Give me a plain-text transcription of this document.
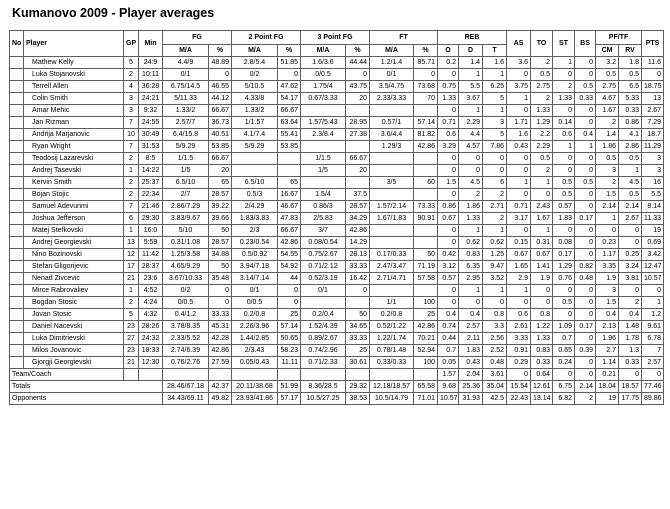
Kumanovo 2009 - Player averages
No	Player	GP	Min	FG		2 Point FG		3 Point FG		FT		REB			AS	TO	ST	BS	PF/TF		PTS
				M/A	%	M/A	%	M/A	%	M/A	%	O	D	T					CM	RV	
	Mathew Kelly	5	24:9	4.4/9	48.89	2.8/5.4	51.85	1.6/3.6	44.44	1.2/1.4	85.71	0.2	1.4	1.6	3.6	2	1	0	3.2	1.8	11.6
	Luka Stojanovski	2	10:11	0/1	0	0/2	0	0/0.5	0	0/1	0	0	1	1	0	0.5	0	0	0.5	0.5	0
	Terrell Allen	4	36:28	6.75/14.5	46.55	5/10.5	47.62	1.75/4	43.75	3.5/4.75	73.68	0.75	5.5	6.25	3.75	2.75	2	0.5	2.75	6.5	18.75
	Colin Smith	3	24:21	5/11.33	44.12	4.33/8	54.17	0.67/3.33	20	2.33/3.33	70	1.33	3.67	5	1	2	1.33	0.33	4.67	5.33	13
	Amar Mehic	3	9:32	1.33/2	66.67	1.33/2	66.67					0	1	1	0	1.33	0	0	1.67	0.33	2.67
	Jan Rizman	7	24:55	2.57/7	36.73	1/1.57	63.64	1.57/5.43	28.95	0.57/1	57.14	0.71	2.29	3	1.71	1.29	0.14	0	2	0.86	7.29
	Andrija Marjanovic	10	30:49	6.4/15.8	40.51	4.1/7.4	55.41	2.3/8.4	27.38	3.6/4.4	81.82	0.6	4.4	5	1.6	2.2	0.6	0.4	1.4	4.1	18.7
	Ryan Wright	7	31:53	5/9.29	53.85	5/9.29	53.85			1.29/3	42.86	3.29	4.57	7.86	0.43	2.29	1	1	1.86	2.86	11.29
	Teodosij Lazarevski	2	8:5	1/1.5	66.67			1/1.5	66.67			0	0	0	0	0.5	0	0	0.5	0.5	3
	Andrej Tasevski	1	14:22	1/5	20			1/5	20			0	0	0	0	2	0	0	3	1	3
	Kervin Smith	2	25:37	6.5/10	65	6.5/10	65			3/5	60	1.5	4.5	6	1	1	0.5	0.5	2	4.5	16
	Bojan Stojic	2	22:34	2/7	28.57	0.5/3	16.67	1.5/4	37.5			0	2	2	0	0	0.5	0	1.5	0.5	5.5
	Samuel Adevunmi	7	21:46	2.86/7.29	39.22	2/4.29	46.67	0.86/3	28.57	1.57/2.14	73.33	0.86	1.86	2.71	0.71	2.43	0.57	0	2.14	2.14	8.14
	Joshua Jefferson	6	29:30	3.83/9.67	39.66	1.83/3.83	47.83	2/5.83	34.29	1.67/1.83	90.91	0.67	1.33	2	3.17	1.67	1.83	0.17	1	2.67	11.33
	Matej Stefkovski	1	16:0	5/10	50	2/3	66.67	3/7	42.86			0	1	1	0	1	0	0	0	0	19
	Andrej Georgievski	13	5:59	0.31/1.08	28.57	0.23/0.54	42.86	0.08/0.54	14.29			0	0.62	0.62	0.15	0.31	0.08	0	0.23	0	0.69
	Nino Bozinovski	12	11:42	1.25/3.58	34.88	0.5/0.92	54.55	0.75/2.67	28.13	0.17/0.33	50	0.42	0.83	1.25	0.67	0.67	0.17	0	1.17	0.25	3.42
	Stefan Gligorijevic	17	28:37	4.65/9.29	50	3.94/7.18	54.92	0.71/2.12	33.33	2.47/3.47	71.19	3.12	6.35	9.47	1.65	1.41	1.29	0.82	3.35	3.24	12.47
	Nenad Zivcevic	21	23:6	3.67/10.33	35.48	3.14/7.14	44	0.52/3.19	16.42	2.71/4.71	57.58	0.57	2.95	3.52	2.9	1.9	0.76	0.48	1.9	3.81	10.57
	Mirce Rabrovaliev	1	4:52	0/2	0	0/1	0	0/1	0			0	1	1	1	0	0	0	3	0	0
	Bogdan Stosic	2	4:24	0/0.5	0	0/0.5	0			1/1	100	0	0	0	0	0	0.5	0	1.5	2	1
	Jovan Stosic	5	4:32	0.4/1.2	33.33	0.2/0.8	25	0.2/0.4	50	0.2/0.8	25	0.4	0.4	0.8	0.6	0.8	0	0	0.4	0.4	1.2
	Daniel Nacevski	23	28:26	3.78/8.35	45.31	2.26/3.96	57.14	1.52/4.39	34.65	0.52/1.22	42.86	0.74	2.57	3.3	2.61	1.22	1.09	0.17	2.13	1.48	9.61
	Luka Dimitrievski	27	24:32	2.33/5.52	42.28	1.44/2.85	50.65	0.89/2.67	33.33	1.22/1.74	70.21	0.44	2.11	2.56	3.33	1.33	0.7	0	1.96	1.78	6.78
	Milos Jovanovic	23	18:33	2.74/6.39	42.86	2/3.43	58.23	0.74/2.96	25	0.78/1.48	52.94	0.7	1.83	2.52	0.91	0.83	0.65	0.39	2.7	1.3	7
	Gjorgji Georgievski	21	12:30	0.76/2.76	27.59	0.05/0.43	11.11	0.71/2.33	30.61	0.33/0.33	100	0.05	0.43	0.48	0.29	0.33	0.24	0	1.14	0.33	2.57
Team/Coach												1.57	2.04	3.61	0	0.64	0	0	0.21	0	0
Totals				28.46/67.18	42.37	20.11/38.68	51.99	8.36/28.5	29.32	12.18/18.57	65.58	9.68	25.36	35.04	15.54	12.61	6.75	2.14	18.04	18.57	77.46
Opponents				34.43/69.11	49.82	23.93/41.86	57.17	10.5/27.25	38.53	10.5/14.79	71.01	10.57	31.93	42.5	22.43	13.14	6.82	2	19	17.75	89.86
